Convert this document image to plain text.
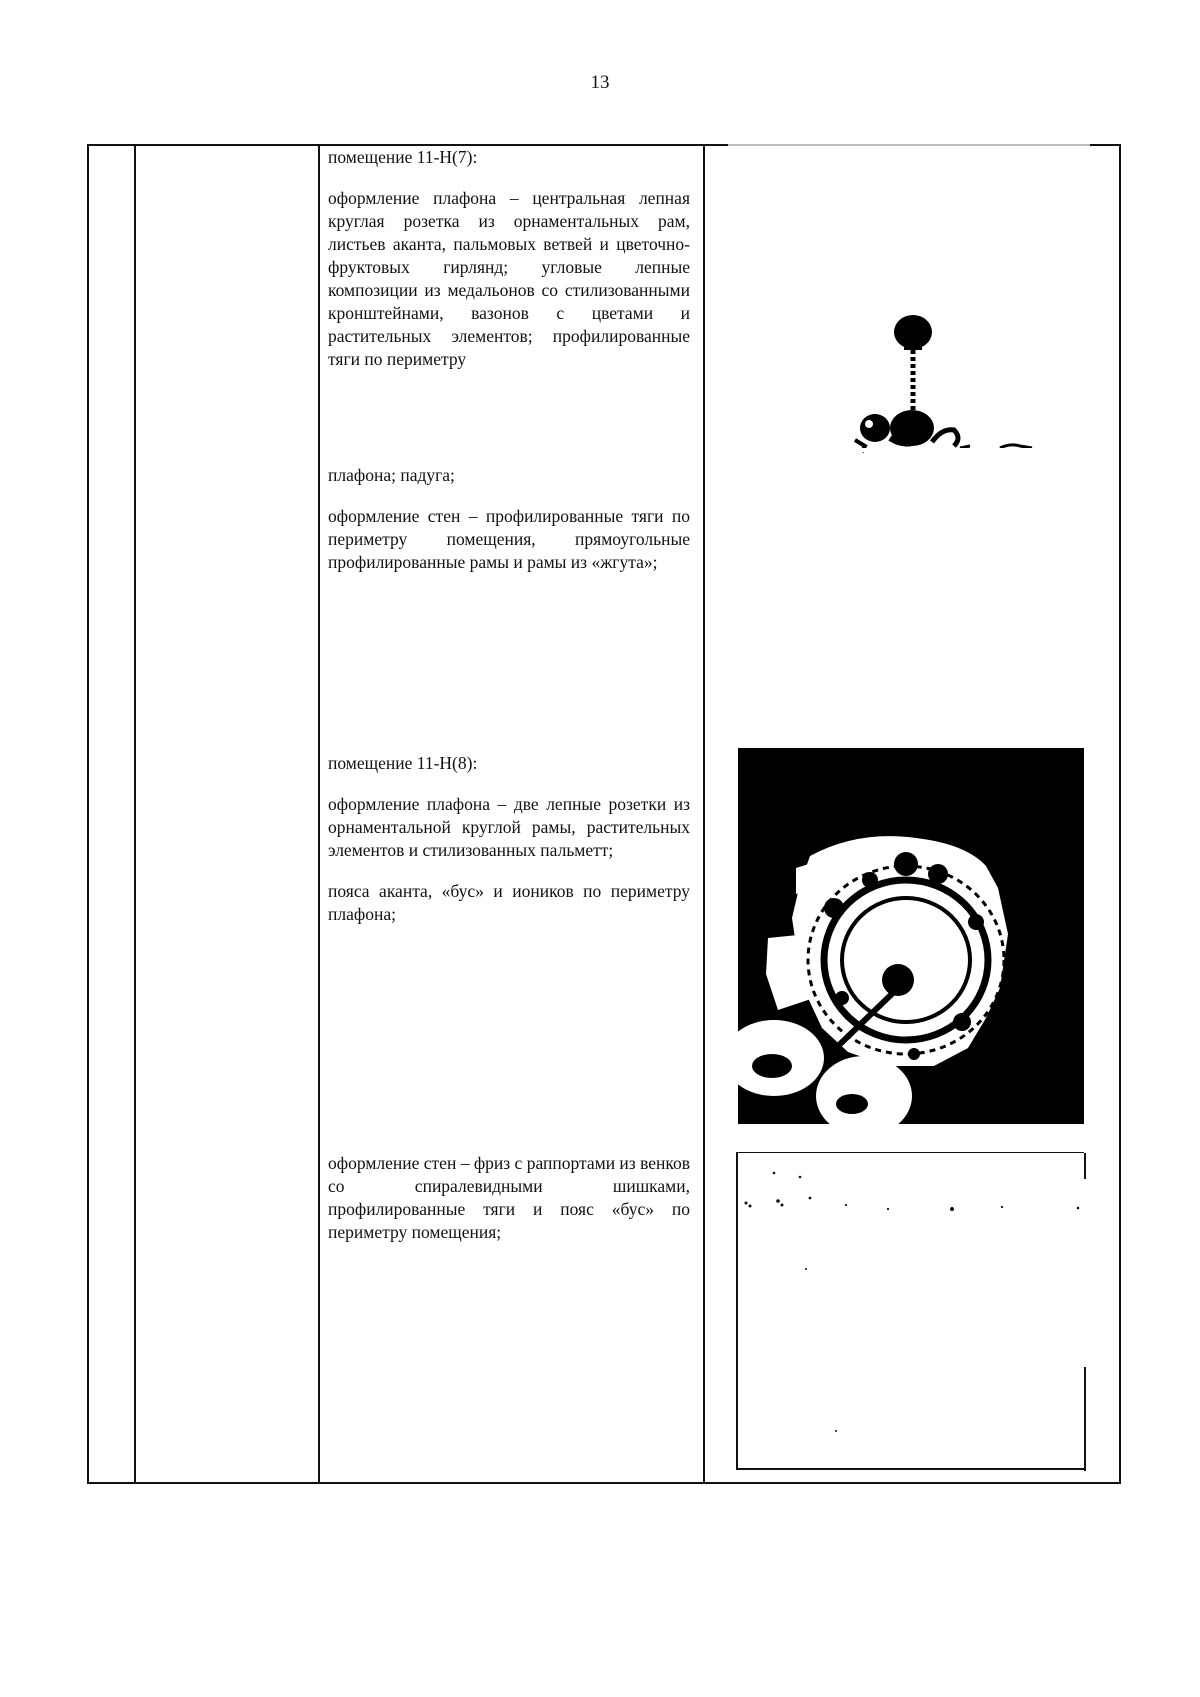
13

помещение 11-Н(7):

оформление плафона – центральная лепная круглая розетка из орнаментальных рам, листьев аканта, пальмовых ветвей и цветочно-фруктовых гирлянд; угловые лепные композиции из медальонов со стилизованными кронштейнами, вазонов с цветами и растительных элементов; профилированные тяги по периметру

плафона; падуга;

оформление стен – профилированные тяги по периметру помещения, прямоугольные профилированные рамы и рамы из «жгута»;

помещение 11-Н(8):

оформление плафона – две лепные розетки из орнаментальной круглой рамы, растительных элементов и стилизованных пальметт;

пояса аканта, «бус» и иоников по периметру плафона;

оформление стен – фриз с раппортами из венков со спиралевидными шишками, профилированные тяги и пояс «бус» по периметру помещения;
